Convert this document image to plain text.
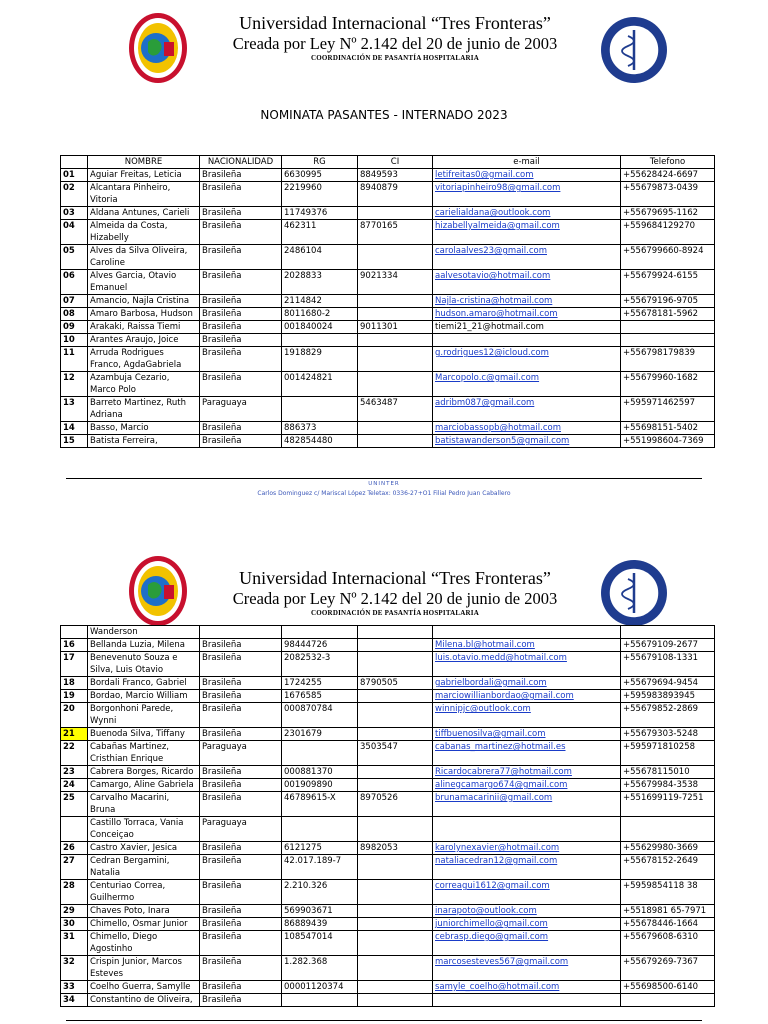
Universidad Internacional “Tres Fronteras”
Creada por Ley Nº 2.142 del 20 de junio de 2003
COORDINACIÓN DE PASANTÍA HOSPITALARIA
NOMINATA PASANTES - INTERNADO 2023
	NOMBRE	NACIONALIDAD	RG	CI	e-mail	Telefono
01	Aguiar Freitas, Leticia	Brasileña	6630995	8849593	letifreitas0@gmail.com	+55628424-6697
02	Alcantara Pinheiro, Vitoria	Brasileña	2219960	8940879	vitoriapinheiro98@gmail.com	+55679873-0439
03	Aldana Antunes, Carieli	Brasileña	11749376		carielialdana@outlook.com	+55679695-1162
04	Almeida da Costa, Hizabelly	Brasileña	462311	8770165	hizabellyalmeida@gmail.com	+559684129270
05	Alves da Silva Oliveira, Caroline	Brasileña	2486104		carolaalves23@gmail.com	+556799660-8924
06	Alves Garcia, Otavio Emanuel	Brasileña	2028833	9021334	aalvesotavio@hotmail.com	+55679924-6155
07	Amancio, Najla Cristina	Brasileña	2114842		Najla-cristina@hotmail.com	+55679196-9705
08	Amaro Barbosa, Hudson	Brasileña	8011680-2		hudson.amaro@hotmail.com	+55678181-5962
09	Arakaki, Raissa Tiemi	Brasileña	001840024	9011301	tiemi21_21@hotmail.com	
10	Arantes Araujo, Joice	Brasileña				
11	Arruda Rodrigues Franco, AgdaGabriela	Brasileña	1918829		g.rodrigues12@icloud.com	+556798179839
12	Azambuja Cezario, Marco Polo	Brasileña	001424821		Marcopolo.c@gmail.com	+55679960-1682
13	Barreto Martinez, Ruth Adriana	Paraguaya		5463487	adribm087@gmail.com	+595971462597
14	Basso, Marcio	Brasileña	886373		marciobassopb@hotmail.com	+55698151-5402
15	Batista Ferreira,	Brasileña	482854480		batistawanderson5@gmail.com	+551998604-7369
UNINTER
Carlos Dominguez c/ Mariscal López Teletax: 0336-27+O1 Filial Pedro Juan Caballero
Universidad Internacional “Tres Fronteras”
Creada por Ley Nº 2.142 del 20 de junio de 2003
COORDINACIÓN DE PASANTÍA HOSPITALARIA
	Wanderson					
16	Bellanda Luzia, Milena	Brasileña	98444726		Milena.bl@hotmail.com	+55679109-2677
17	Benevenuto Souza e Silva, Luis Otavio	Brasileña	2082532-3		luis.otavio.medd@hotmail.com	+55679108-1331
18	Bordali Franco, Gabriel	Brasileña	1724255	8790505	gabrielbordali@gmail.com	+55679694-9454
19	Bordao, Marcio William	Brasileña	1676585		marciowillianbordao@gmail.com	+595983893945
20	Borgonhoni Parede, Wynni	Brasileña	000870784		winnipjc@outlook.com	+55679852-2869
21	Buenoda Silva, Tiffany	Brasileña	2301679		tiffbuenosilva@gmail.com	+55679303-5248
22	Cabañas Martinez, Cristhian Enrique	Paraguaya		3503547	cabanas_martinez@hotmail.es	+595971810258
23	Cabrera Borges, Ricardo	Brasileña	000881370		Ricardocabrera77@hotmail.com	+55678115010
24	Camargo, Aline Gabriela	Brasileña	001909890		alinegcamargo674@gmail.com	+55679984-3538
25	Carvalho Macarini, Bruna	Brasileña	46789615-X	8970526	brunamacarinii@gmail.com	+551699119-7251
	Castillo Torraca, Vania Conceiçao	Paraguaya				
26	Castro Xavier, Jesica	Brasileña	6121275	8982053	karolynexavier@hotmail.com	+55629980-3669
27	Cedran Bergamini, Natalia	Brasileña	42.017.189-7		nataliacedran12@gmail.com	+55678152-2649
28	Centuriao Correa, Guilhermo	Brasileña	2.210.326		correagui1612@gmail.com	+5959854118 38
29	Chaves Poto, Inara	Brasileña	569903671		inarapoto@outlook.com	+5518981 65-7971
30	Chimello, Osmar Junior	Brasileña	86889439		juniorchimello@gmail.com	+55678446-1664
31	Chimello, Diego Agostinho	Brasileña	108547014		cebrasp.diego@gmail.com	+55679608-6310
32	Crispin Junior, Marcos Esteves	Brasileña	1.282.368		marcosesteves567@gmail.com	+55679269-7367
33	Coelho Guerra, Samylle	Brasileña	00001120374		samyle_coelho@hotmail.com	+55698500-6140
34	Constantino de Oliveira,	Brasileña				
